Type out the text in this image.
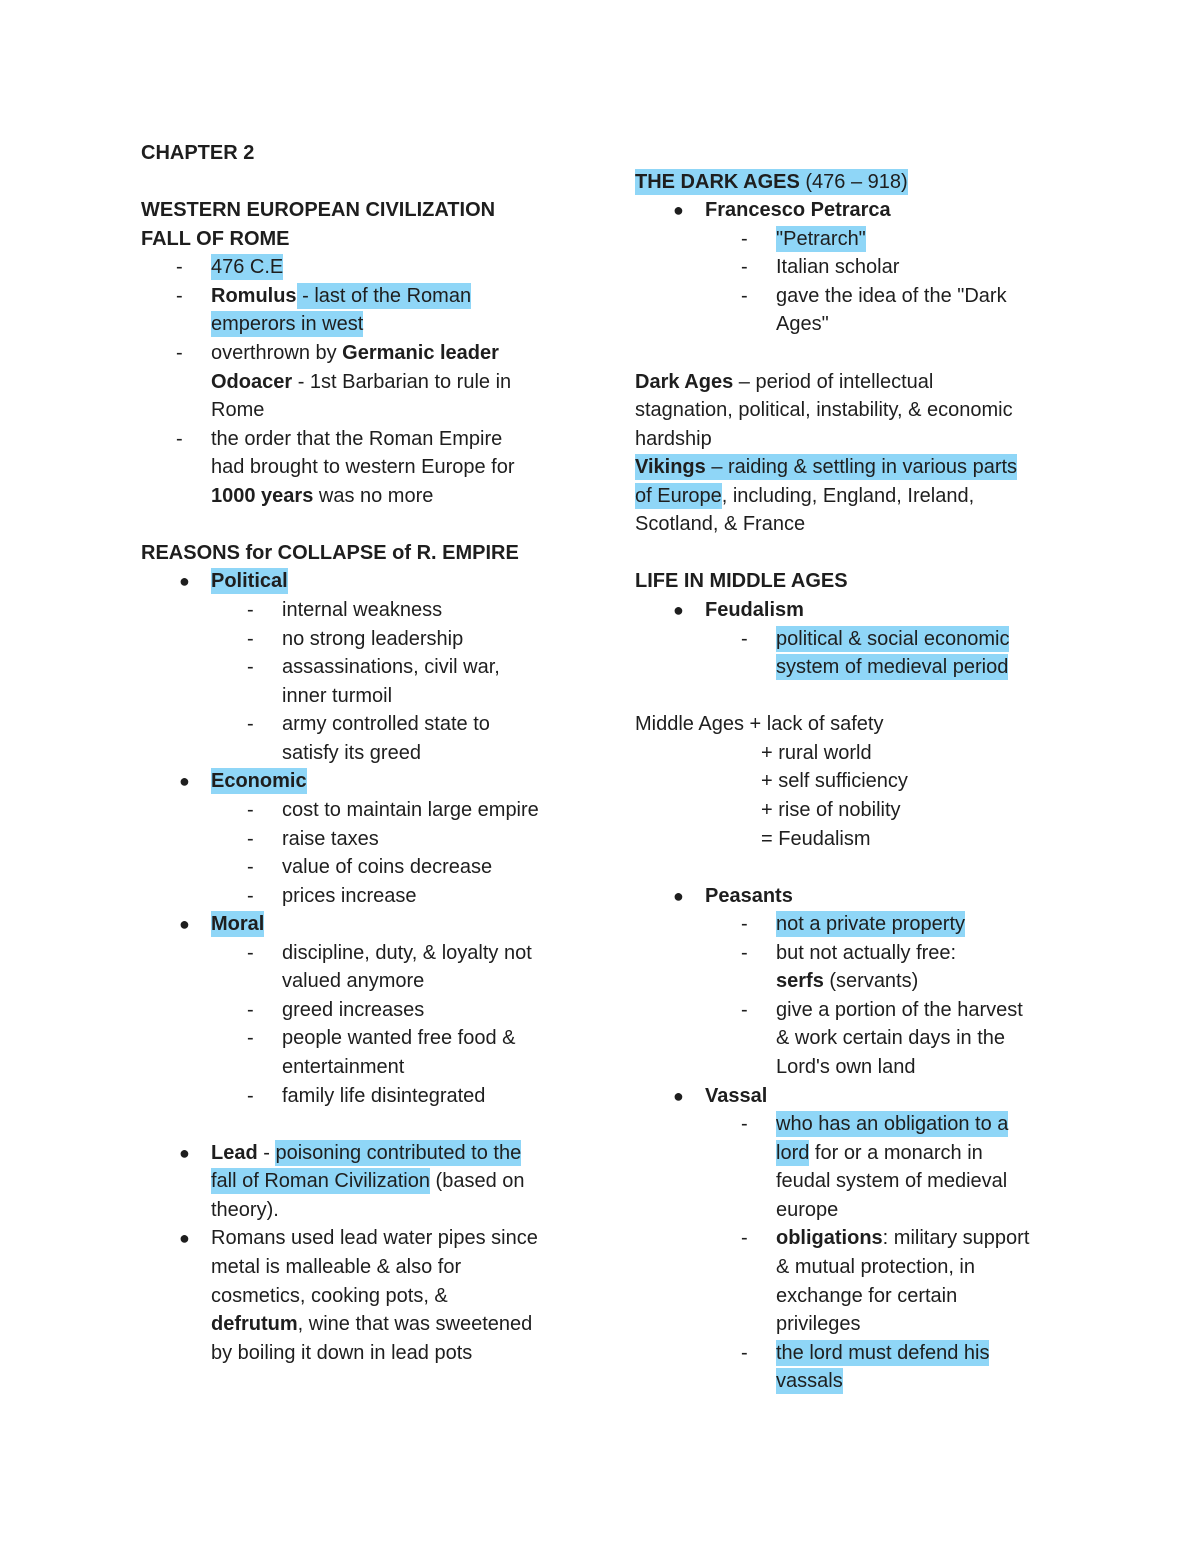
CHAPTER 2
WESTERN EUROPEAN CIVILIZATION
FALL OF ROME
- 476 C.E
- Romulus - last of the Roman
emperors in west
- overthrown by Germanic leader
Odoacer - 1st Barbarian to rule in
Rome
- the order that the Roman Empire
had brought to western Europe for
1000 years was no more
REASONS for COLLAPSE of R. EMPIRE
● Political
- internal weakness
- no strong leadership
- assassinations, civil war,
inner turmoil
- army controlled state to
satisfy its greed
● Economic
- cost to maintain large empire
- raise taxes
- value of coins decrease
- prices increase
● Moral
- discipline, duty, & loyalty not
valued anymore
- greed increases
- people wanted free food &
entertainment
- family life disintegrated
● Lead - poisoning contributed to the
fall of Roman Civilization (based on
theory).
● Romans used lead water pipes since
metal is malleable & also for
cosmetics, cooking pots, &
defrutum, wine that was sweetened
by boiling it down in lead pots
THE DARK AGES (476 – 918)
● Francesco Petrarca
- "Petrarch"
- Italian scholar
- gave the idea of the "Dark
Ages"
Dark Ages – period of intellectual
stagnation, political, instability, & economic
hardship
Vikings – raiding & settling in various parts
of Europe, including, England, Ireland,
Scotland, & France
LIFE IN MIDDLE AGES
● Feudalism
- political & social economic
system of medieval period
Middle Ages + lack of safety
+ rural world
+ self sufficiency
+ rise of nobility
= Feudalism
● Peasants
- not a private property
- but not actually free:
serfs (servants)
- give a portion of the harvest
& work certain days in the
Lord's own land
● Vassal
- who has an obligation to a
lord for or a monarch in
feudal system of medieval
europe
- obligations: military support
& mutual protection, in
exchange for certain
privileges
- the lord must defend his
vassals
